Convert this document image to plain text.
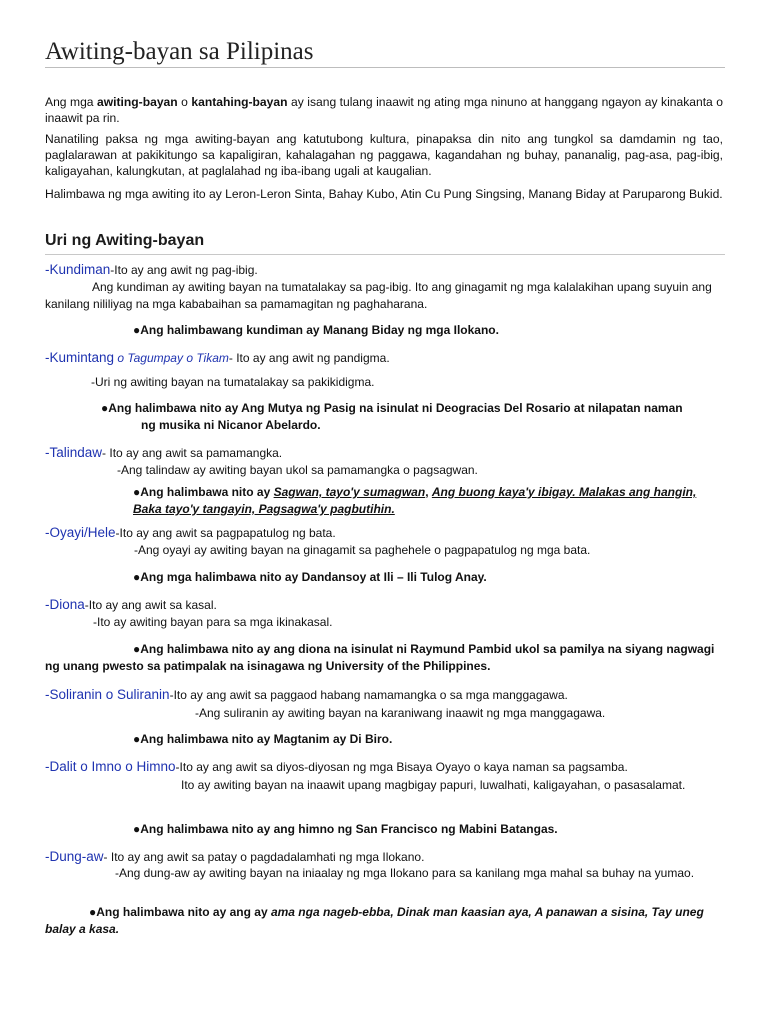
Awiting-bayan sa Pilipinas

Ang mga awiting-bayan o kantahing-bayan ay isang tulang inaawit ng ating mga ninuno at hanggang ngayon ay kinakanta o inaawit pa rin.

Nanatiling paksa ng mga awiting-bayan ang katutubong kultura, pinapaksa din nito ang tungkol sa damdamin ng tao, paglalarawan at pakikitungo sa kapaligiran, kahalagahan ng paggawa, kagandahan ng buhay, pananalig, pag-asa, pag-ibig, kaligayahan, kalungkutan, at paglalahad ng iba-ibang ugali at kaugalian.

Halimbawa ng mga awiting ito ay Leron-Leron Sinta, Bahay Kubo, Atin Cu Pung Singsing, Manang Biday at Paruparong Bukid.

Uri ng Awiting-bayan
-Kundiman-Ito ay ang awit ng pag-ibig.
Ang kundiman ay awiting bayan na tumatalakay sa pag-ibig. Ito ang ginagamit ng mga kalalakihan upang suyuin ang kanilang nililiyag na mga kababaihan sa pamamagitan ng paghaharana.
●Ang halimbawang kundiman ay Manang Biday ng mga Ilokano.
-Kumintang o Tagumpay o Tikam- Ito ay ang awit ng pandigma.
-Uri ng awiting bayan na tumatalakay sa pakikidigma.
●Ang halimbawa nito ay Ang Mutya ng Pasig na isinulat ni Deogracias Del Rosario at nilapatan naman ng musika ni Nicanor Abelardo.
-Talindaw- Ito ay ang awit sa pamamangka.
-Ang talindaw ay awiting bayan ukol sa pamamangka o pagsagwan.
●Ang halimbawa nito ay Sagwan, tayo'y sumagwan, Ang buong kaya'y ibigay. Malakas ang hangin, Baka tayo'y tangayin, Pagsagwa'y pagbutihin.
-Oyayi/Hele-Ito ay ang awit sa pagpapatulog ng bata.
-Ang oyayi ay awiting bayan na ginagamit sa paghehele o pagpapatulog ng mga bata.
●Ang mga halimbawa nito ay Dandansoy at Ili – Ili Tulog Anay.
-Diona-Ito ay ang awit sa kasal.
-Ito ay awiting bayan para sa mga ikinakasal.
●Ang halimbawa nito ay ang diona na isinulat ni Raymund Pambid ukol sa pamilya na siyang nagwagi ng unang pwesto sa patimpalak na isinagawa ng University of the Philippines.
-Soliranin o Suliranin-Ito ay ang awit sa paggaod habang namamangka o sa mga manggagawa.
-Ang suliranin ay awiting bayan na karaniwang inaawit ng mga manggagawa.
●Ang halimbawa nito ay Magtanim ay Di Biro.
-Dalit o Imno o Himno-Ito ay ang awit sa diyos-diyosan ng mga Bisaya Oyayo o kaya naman sa pagsamba.
Ito ay awiting bayan na inaawit upang magbigay papuri, luwalhati, kaligayahan, o pasasalamat.
●Ang halimbawa nito ay ang himno ng San Francisco ng Mabini Batangas.
-Dung-aw- Ito ay ang awit sa patay o pagdadalamhati ng mga Ilokano.
-Ang dung-aw ay awiting bayan na iniaalay ng mga Ilokano para sa kanilang mga mahal sa buhay na yumao.
●Ang halimbawa nito ay ang ay ama nga nageb-ebba, Dinak man kaasian aya, A panawan a sisina, Tay uneg balay a kasa.
